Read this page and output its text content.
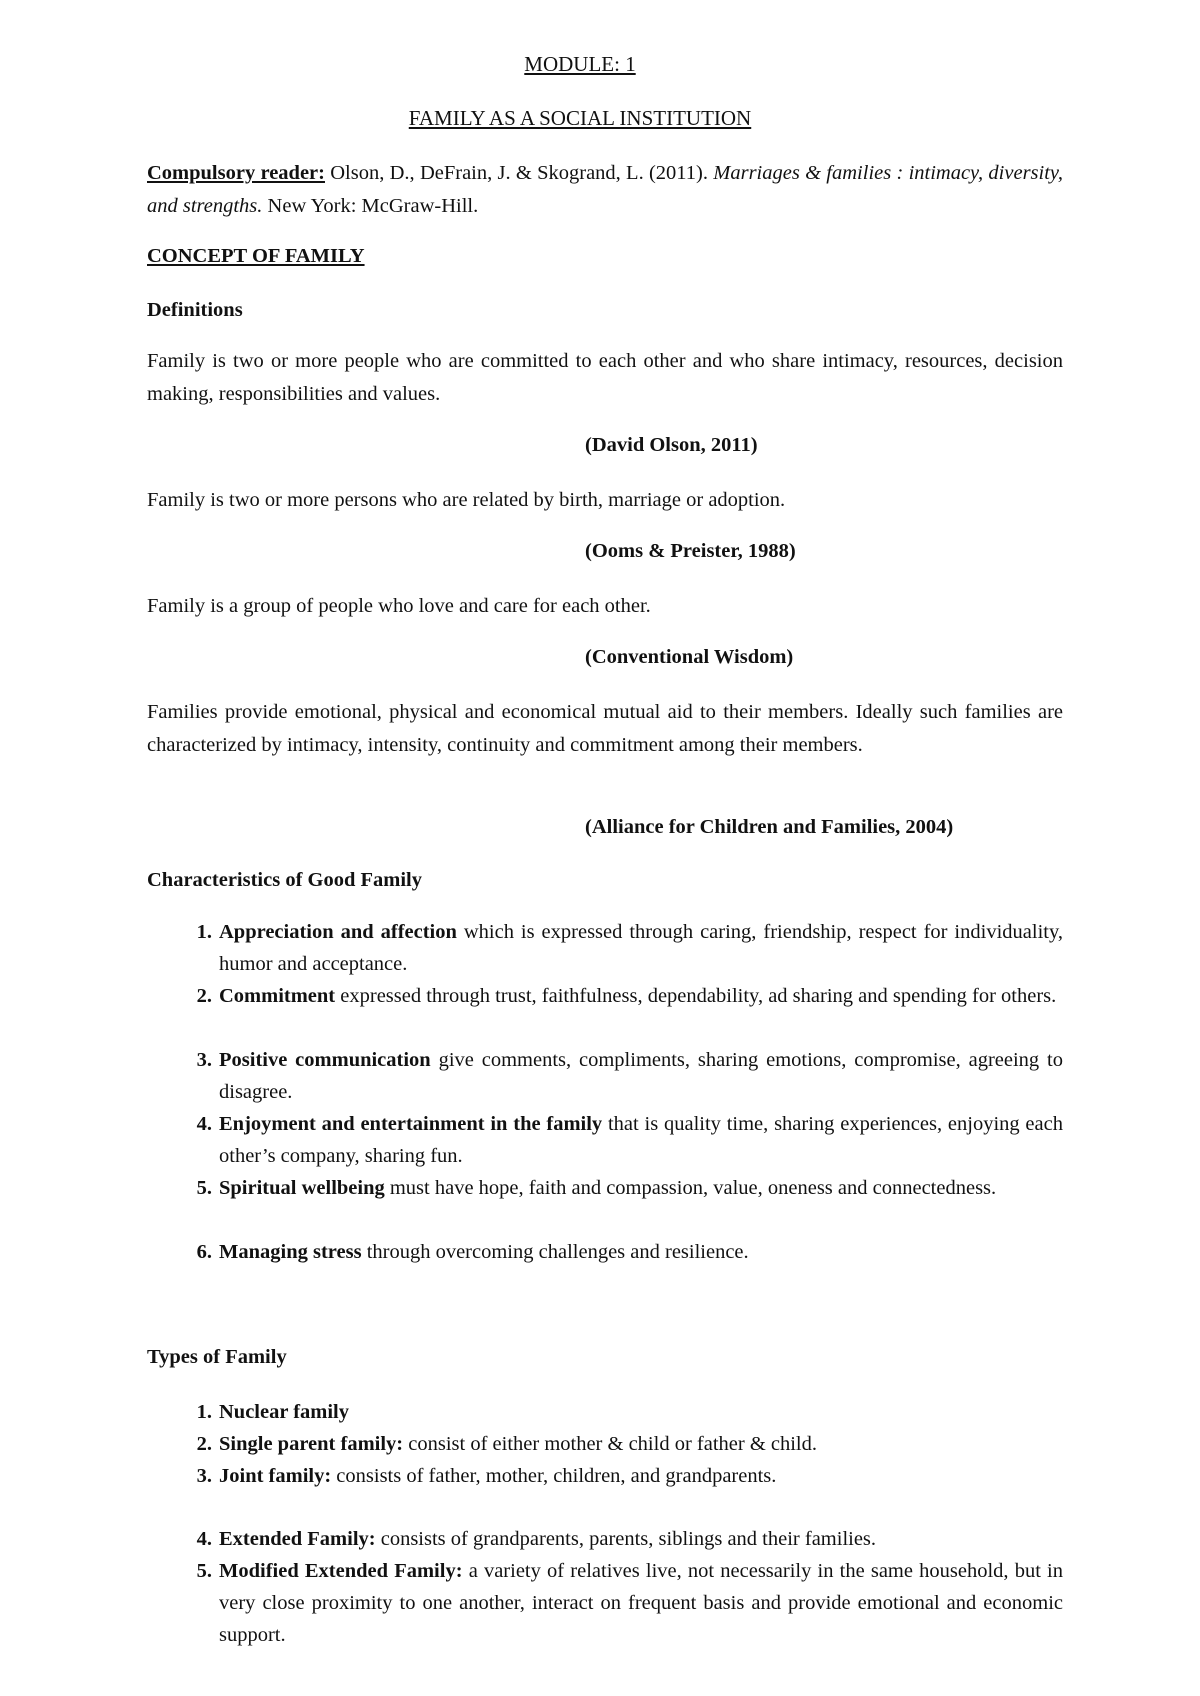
MODULE: 1
FAMILY AS A SOCIAL INSTITUTION
Compulsory reader: Olson, D., DeFrain, J. & Skogrand, L. (2011). Marriages & families : intimacy, diversity, and strengths. New York: McGraw-Hill.
CONCEPT OF FAMILY
Definitions
Family is two or more people who are committed to each other and who share intimacy, resources, decision making, responsibilities and values.
(David Olson, 2011)
Family is two or more persons who are related by birth, marriage or adoption.
(Ooms & Preister, 1988)
Family is a group of people who love and care for each other.
(Conventional Wisdom)
Families provide emotional, physical and economical mutual aid to their members. Ideally such families are characterized by intimacy, intensity, continuity and commitment among their members.
(Alliance for Children and Families, 2004)
Characteristics of Good Family
1. Appreciation and affection which is expressed through caring, friendship, respect for individuality, humor and acceptance.
2. Commitment expressed through trust, faithfulness, dependability, ad sharing and spending for others.
3. Positive communication give comments, compliments, sharing emotions, compromise, agreeing to disagree.
4. Enjoyment and entertainment in the family that is quality time, sharing experiences, enjoying each other’s company, sharing fun.
5. Spiritual wellbeing must have hope, faith and compassion, value, oneness and connectedness.
6. Managing stress through overcoming challenges and resilience.
Types of Family
1. Nuclear family
2. Single parent family: consist of either mother & child or father & child.
3. Joint family: consists of father, mother, children, and grandparents.
4. Extended Family: consists of grandparents, parents, siblings and their families.
5. Modified Extended Family: a variety of relatives live, not necessarily in the same household, but in very close proximity to one another, interact on frequent basis and provide emotional and economic support.
